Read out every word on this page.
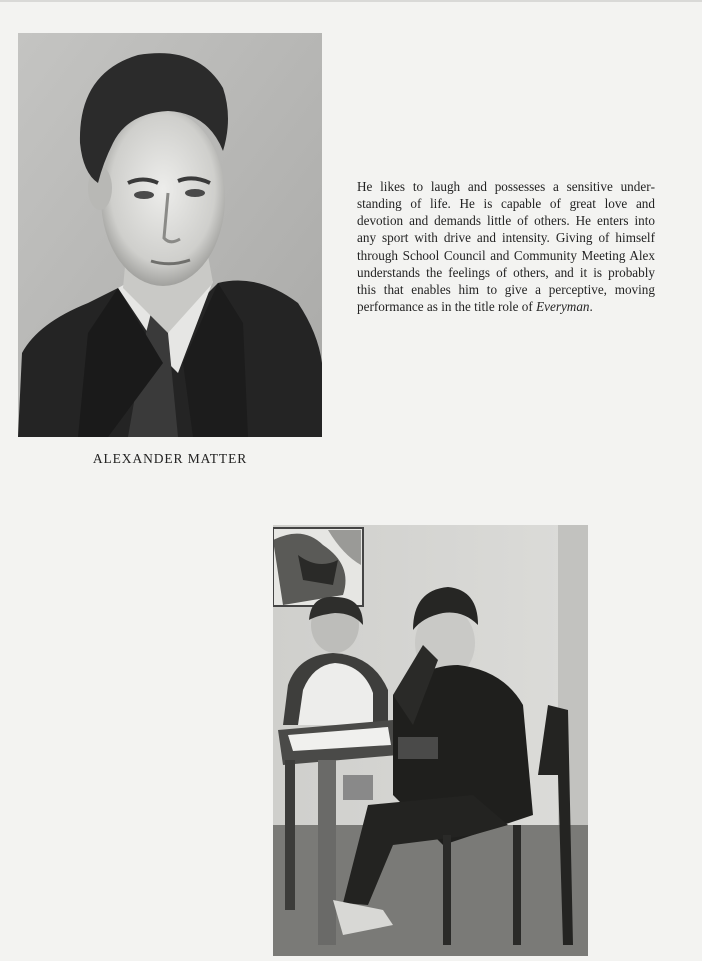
ALEXANDER MATTER

He likes to laugh and possesses a sensitive understanding of life. He is capable of great love and devotion and demands little of others. He enters into any sport with drive and intensity. Giving of himself through School Council and Community Meeting Alex understands the feelings of others, and it is probably this that enables him to give a perceptive, moving performance as in the title role of Everyman.
